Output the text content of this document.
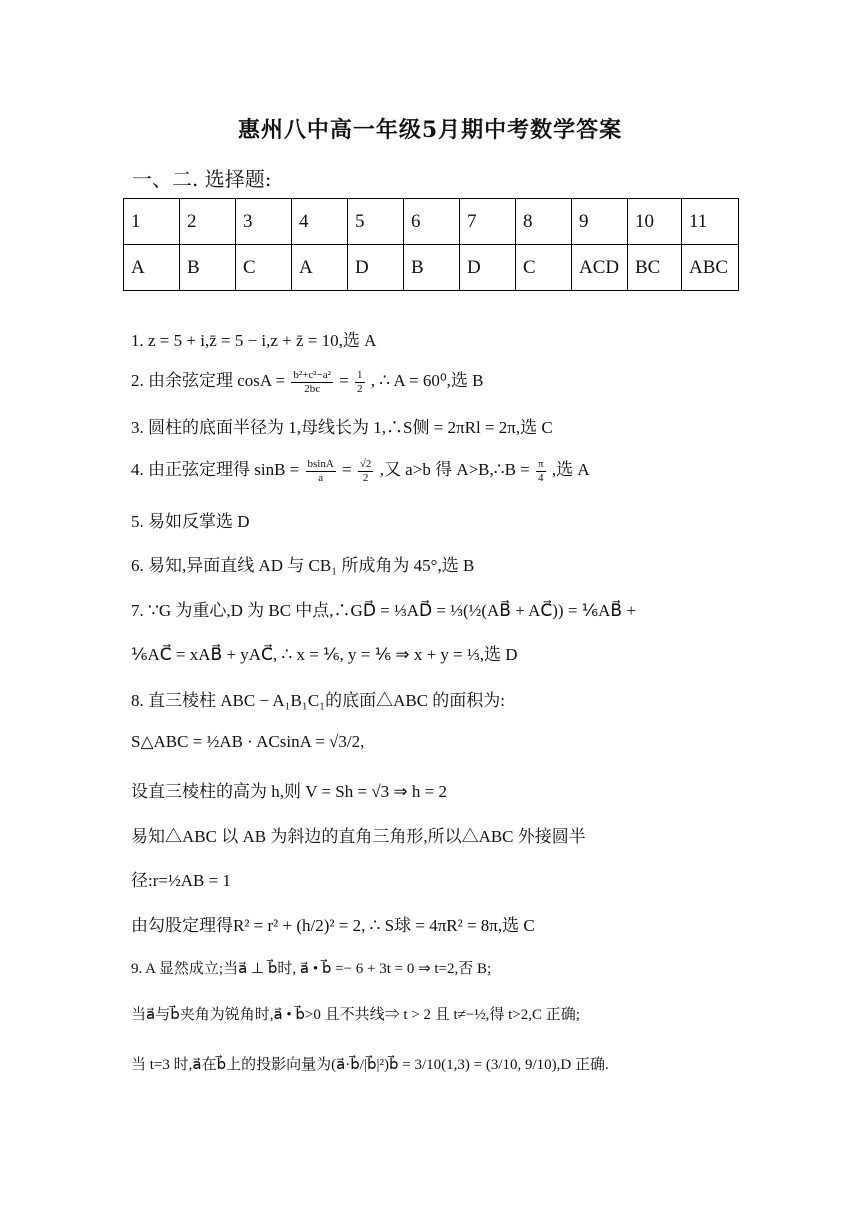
惠州八中高一年级5月期中考数学答案
一、二. 选择题:
1	2	3	4	5	6	7	8	9	10	11
A	B	C	A	D	B	D	C	ACD	BC	ABC
1. z = 5 + i,z̄ = 5 − i,z + z̄ = 10,选 A
2. 由余弦定理 $\cos A = \frac{\text{b²+c²−a²}}{2bc} = \frac{1}{2}$ , ∴ A = 60⁰,选 B
3. 圆柱的底面半径为 1,母线长为 1,∴S侧 = 2πRl = 2π,选 C
4. 由正弦定理得 $\sin B = \frac{bsinA}{a} = \frac{√2}{2}$ ,又 a>b 得 A>B,∴B = $\frac{\pi}{4}$ ,选 A
5. 易如反掌选 D
6. 易知,异面直线 AD 与 CB₁ 所成角为 45°,选 B
7. ∵G 为重心,D 为 BC 中点,∴GD⃗ = ⅓AD⃗ = ⅓(½(AB⃗ + AC⃗)) = ⅙AB⃗ +
⅙AC⃗ = xAB⃗ + yAC⃗, ∴ x = ⅙, y = ⅙ ⇒ x + y = ⅓,选 D
8. 直三棱柱 ABC − A₁B₁C₁的底面△ABC 的面积为:
S△ABC = ½AB · ACsinA = √3/2,
设直三棱柱的高为 h,则 V = Sh = √3 ⇒ h = 2
易知△ABC 以 AB 为斜边的直角三角形,所以△ABC 外接圆半
径:r=½AB = 1
由勾股定理得R² = r² + (h/2)² = 2, ∴ S球 = 4πR² = 8π,选 C
9. A 显然成立;当a⃗ ⊥ b⃗时, a⃗ • b⃗ =− 6 + 3t = 0 ⇒ t=2,否 B;
当a⃗与b⃗夹角为锐角时,a⃗ • b⃗>0 且不共线⇒ t > 2 且 t≠−½,得 t>2,C 正确;
当 t=3 时,a⃗在b⃗上的投影向量为(a⃗·b⃗/|b⃗|²)b⃗ = 3/10(1,3) = (3/10, 9/10),D 正确.
